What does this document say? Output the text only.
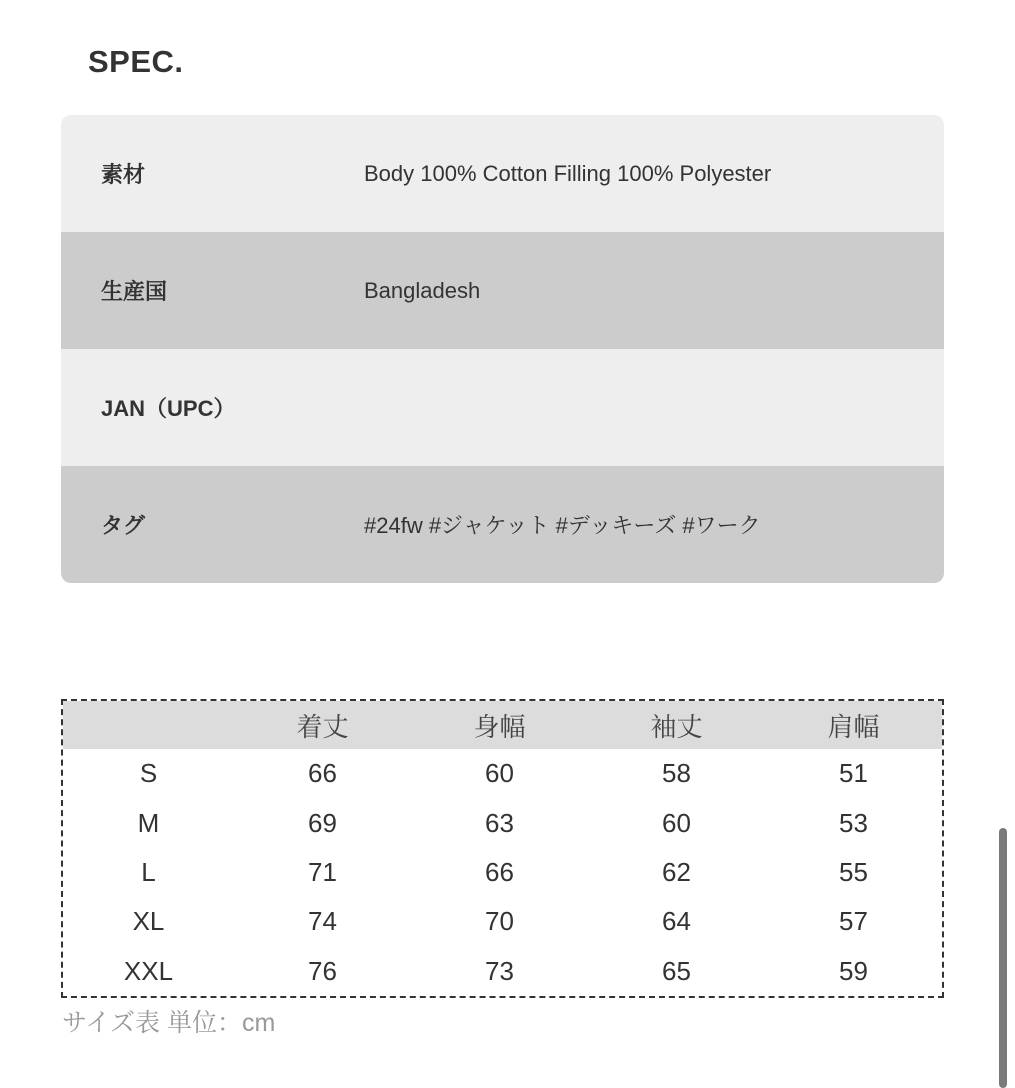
SPEC.
素材	Body 100% Cotton Filling 100% Polyester
生産国	Bangladesh
JAN（UPC）
タグ	#24fw #ジャケット #デッキーズ #ワーク
	着丈	身幅	袖丈	肩幅
S	66	60	58	51
M	69	63	60	53
L	71	66	62	55
XL	74	70	64	57
XXL	76	73	65	59
サイズ表 単位：cm
